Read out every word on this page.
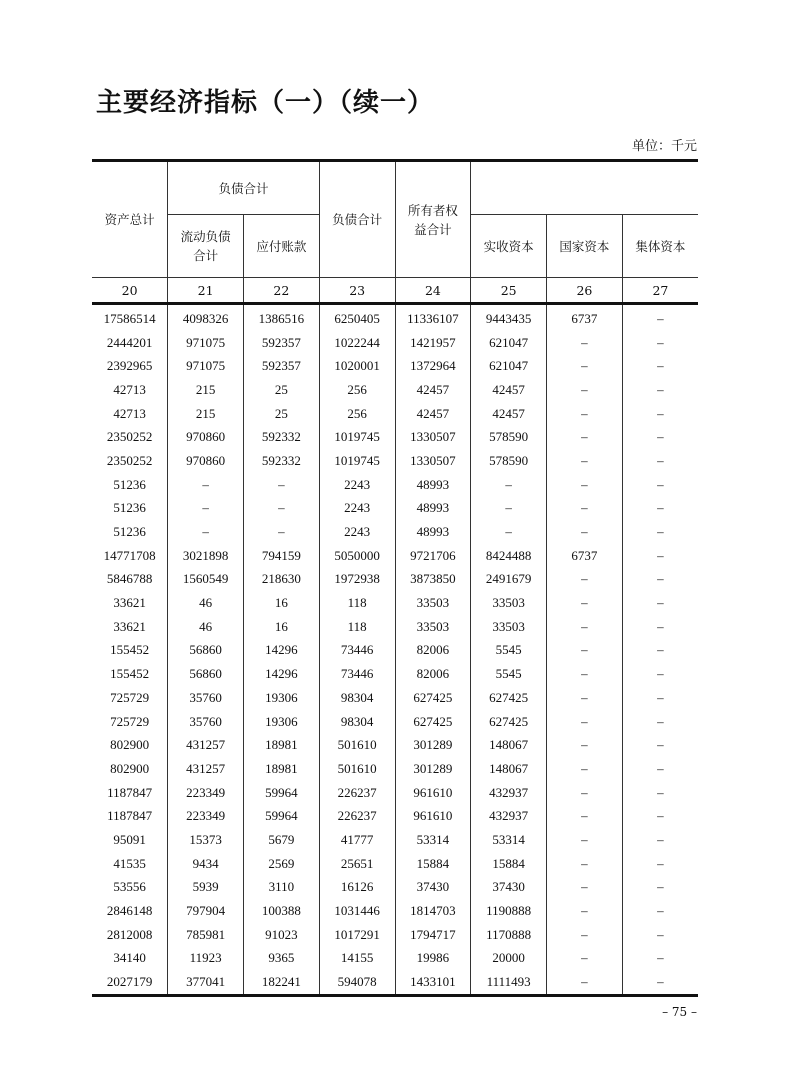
主要经济指标（一）（续一）
单位：千元
资产总计	负债合计		负债合计	所有者权益合计			
	流动负债合计	应付账款			实收资本	国家资本	集体资本

20	21	22	23	24	25	26	27
17586514	4098326	1386516	6250405	11336107	9443435	6737	–
2444201	971075	592357	1022244	1421957	621047	–	–
2392965	971075	592357	1020001	1372964	621047	–	–
42713	215	25	256	42457	42457	–	–
42713	215	25	256	42457	42457	–	–
2350252	970860	592332	1019745	1330507	578590	–	–
2350252	970860	592332	1019745	1330507	578590	–	–
51236	–	–	2243	48993	–	–	–
51236	–	–	2243	48993	–	–	–
51236	–	–	2243	48993	–	–	–
14771708	3021898	794159	5050000	9721706	8424488	6737	–
5846788	1560549	218630	1972938	3873850	2491679	–	–
33621	46	16	118	33503	33503	–	–
33621	46	16	118	33503	33503	–	–
155452	56860	14296	73446	82006	5545	–	–
155452	56860	14296	73446	82006	5545	–	–
725729	35760	19306	98304	627425	627425	–	–
725729	35760	19306	98304	627425	627425	–	–
802900	431257	18981	501610	301289	148067	–	–
802900	431257	18981	501610	301289	148067	–	–
1187847	223349	59964	226237	961610	432937	–	–
1187847	223349	59964	226237	961610	432937	–	–
95091	15373	5679	41777	53314	53314	–	–
41535	9434	2569	25651	15884	15884	–	–
53556	5939	3110	16126	37430	37430	–	–
2846148	797904	100388	1031446	1814703	1190888	–	–
2812008	785981	91023	1017291	1794717	1170888	–	–
34140	11923	9365	14155	19986	20000	–	–
2027179	377041	182241	594078	1433101	1111493	–	–
– 75 –
